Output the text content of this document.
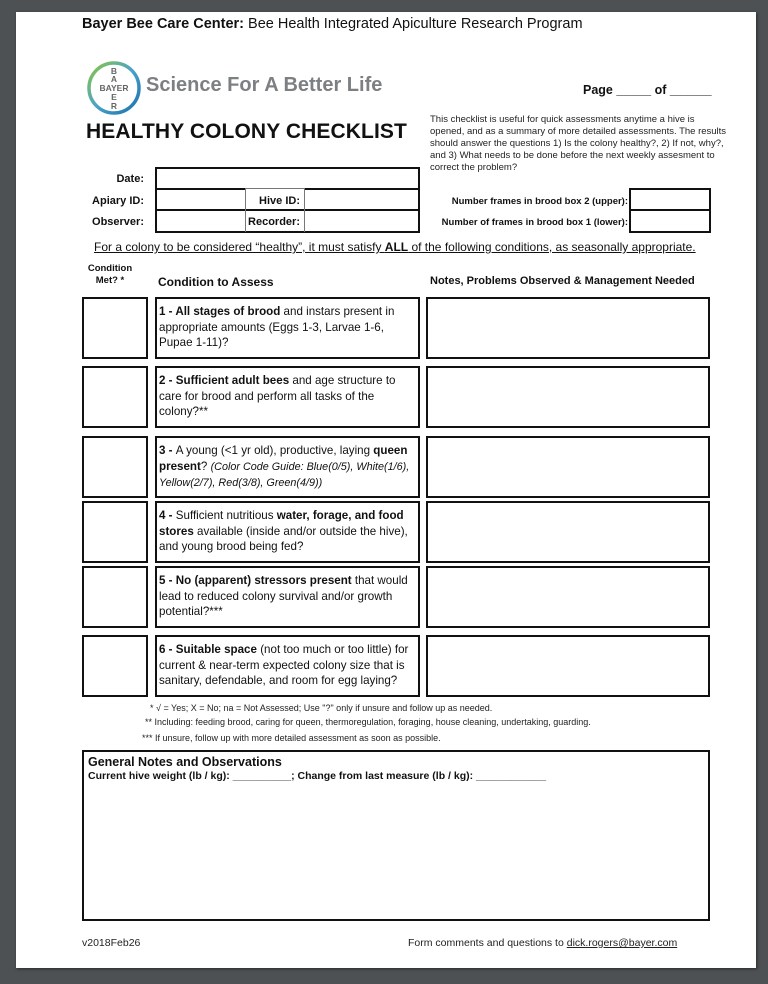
Bayer Bee Care Center: Bee Health Integrated Apiculture Research Program
B
A
BAYER
E
R
Science For A Better Life	Page _____ of ______
HEALTHY COLONY CHECKLIST
This checklist is useful for quick assessments anytime a hive is opened, and as a summary of more detailed assessments. The results should answer the questions 1) Is the colony healthy?, 2) If not, why?, and 3) What needs to be done before the next weekly assesment to correct the problem?
Date:
Apiary ID:	Hive ID:
Observer:	Recorder:
Number frames in brood box 2 (upper):
Number of frames in brood box 1 (lower):
For a colony to be considered “healthy”, it must satisfy ALL of the following conditions, as seasonally appropriate.
Condition
Met? *	Condition to Assess	Notes, Problems Observed & Management Needed
1 - All stages of brood and instars present in appropriate amounts (Eggs 1-3, Larvae 1-6, Pupae 1-11)?
2 - Sufficient adult bees and age structure to care for brood and perform all tasks of the colony?**
3 - A young (<1 yr old), productive, laying queen present? (Color Code Guide: Blue(0/5), White(1/6), Yellow(2/7), Red(3/8), Green(4/9))
4 - Sufficient nutritious water, forage, and food stores available (inside and/or outside the hive), and young brood being fed?
5 - No (apparent) stressors present that would lead to reduced colony survival and/or growth potential?***
6 - Suitable space (not too much or too little) for current & near-term expected colony size that is sanitary, defendable, and room for egg laying?
* √ = Yes; X = No; na = Not Assessed; Use "?" only if unsure and follow up as needed.
** Including: feeding brood, caring for queen, thermoregulation, foraging, house cleaning, undertaking, guarding.
*** If unsure, follow up with more detailed assessment as soon as possible.
General Notes and Observations
Current hive weight (lb / kg): __________; Change from last measure (lb / kg): ____________
v2018Feb26	Form comments and questions to dick.rogers@bayer.com
